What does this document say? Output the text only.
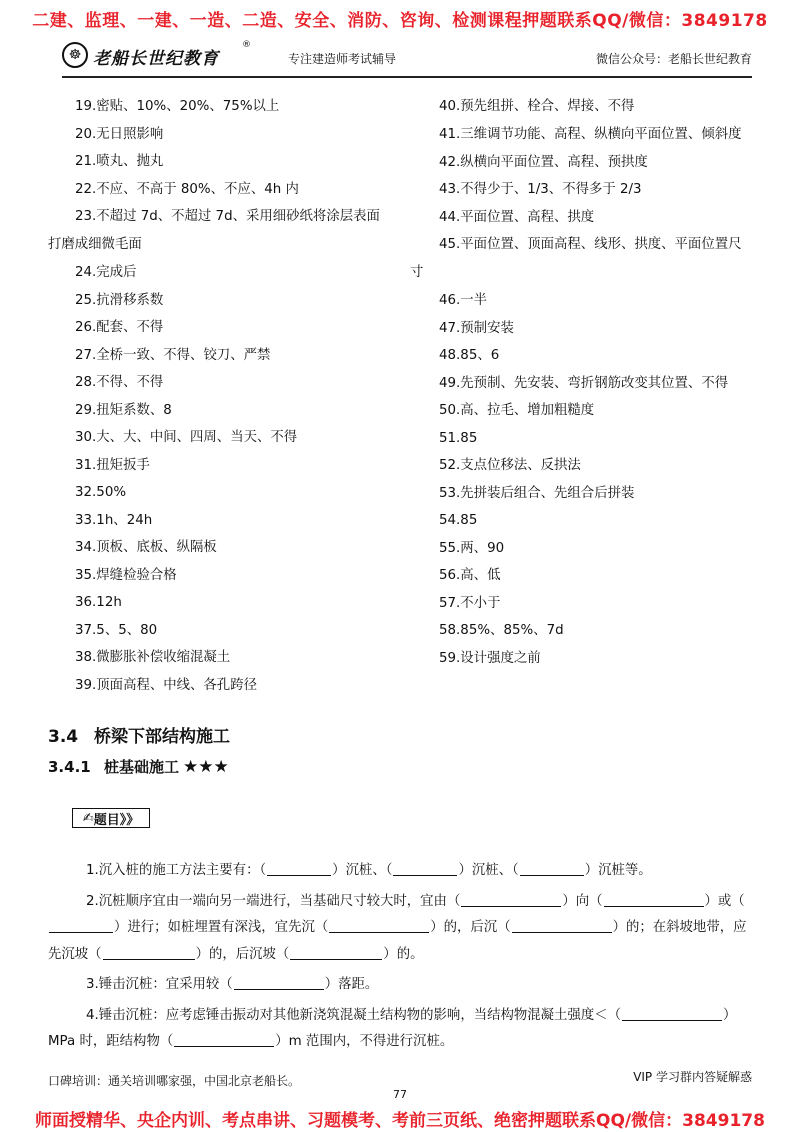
二建、监理、一建、一造、二造、安全、消防、咨询、检测课程押题联系QQ/微信：3849178
☸ 老船长世纪教育
®
专注建造师考试辅导	微信公众号：老船长世纪教育
19.密贴、10%、20%、75%以上
20.无日照影响
21.喷丸、抛丸
22.不应、不高于 80%、不应、4h 内
23.不超过 7d、不超过 7d、采用细砂纸将涂层表面打磨成细微毛面
24.完成后
25.抗滑移系数
26.配套、不得
27.全桥一致、不得、铰刀、严禁
28.不得、不得
29.扭矩系数、8
30.大、大、中间、四周、当天、不得
31.扭矩扳手
32.50%
33.1h、24h
34.顶板、底板、纵隔板
35.焊缝检验合格
36.12h
37.5、5、80
38.微膨胀补偿收缩混凝土
39.顶面高程、中线、各孔跨径
40.预先组拼、栓合、焊接、不得
41.三维调节功能、高程、纵横向平面位置、倾斜度
42.纵横向平面位置、高程、预拱度
43.不得少于、1/3、不得多于 2/3
44.平面位置、高程、拱度
45.平面位置、顶面高程、线形、拱度、平面位置尺寸
46.一半
47.预制安装
48.85、6
49.先预制、先安装、弯折钢筋改变其位置、不得
50.高、拉毛、增加粗糙度
51.85
52.支点位移法、反拱法
53.先拼装后组合、先组合后拼装
54.85
55.两、90
56.高、低
57.不小于
58.85%、85%、7d
59.设计强度之前
3.4 桥梁下部结构施工
3.4.1 桩基础施工 ★★★
✍ 题目》》
1.沉入桩的施工方法主要有：（	）沉桩、（	）沉桩、（	）沉桩等。
2.沉桩顺序宜由一端向另一端进行，当基础尺寸较大时，宜由（	）向（	）或（）进行；如桩埋置有深浅，宜先沉（	）的，后沉（	）的；在斜坡地带，应先沉坡（	）的，后沉坡（	）的。
3.锤击沉桩：宜采用较（	）落距。
4.锤击沉桩：应考虑锤击振动对其他新浇筑混凝土结构物的影响，当结构物混凝土强度＜（	）MPa 时，距结构物（	）m 范围内，不得进行沉桩。
口碑培训：通关培训哪家强，中国北京老船长。	VIP 学习群内答疑解惑
77
师面授精华、央企内训、考点串讲、习题模考、考前三页纸、绝密押题联系QQ/微信：3849178
